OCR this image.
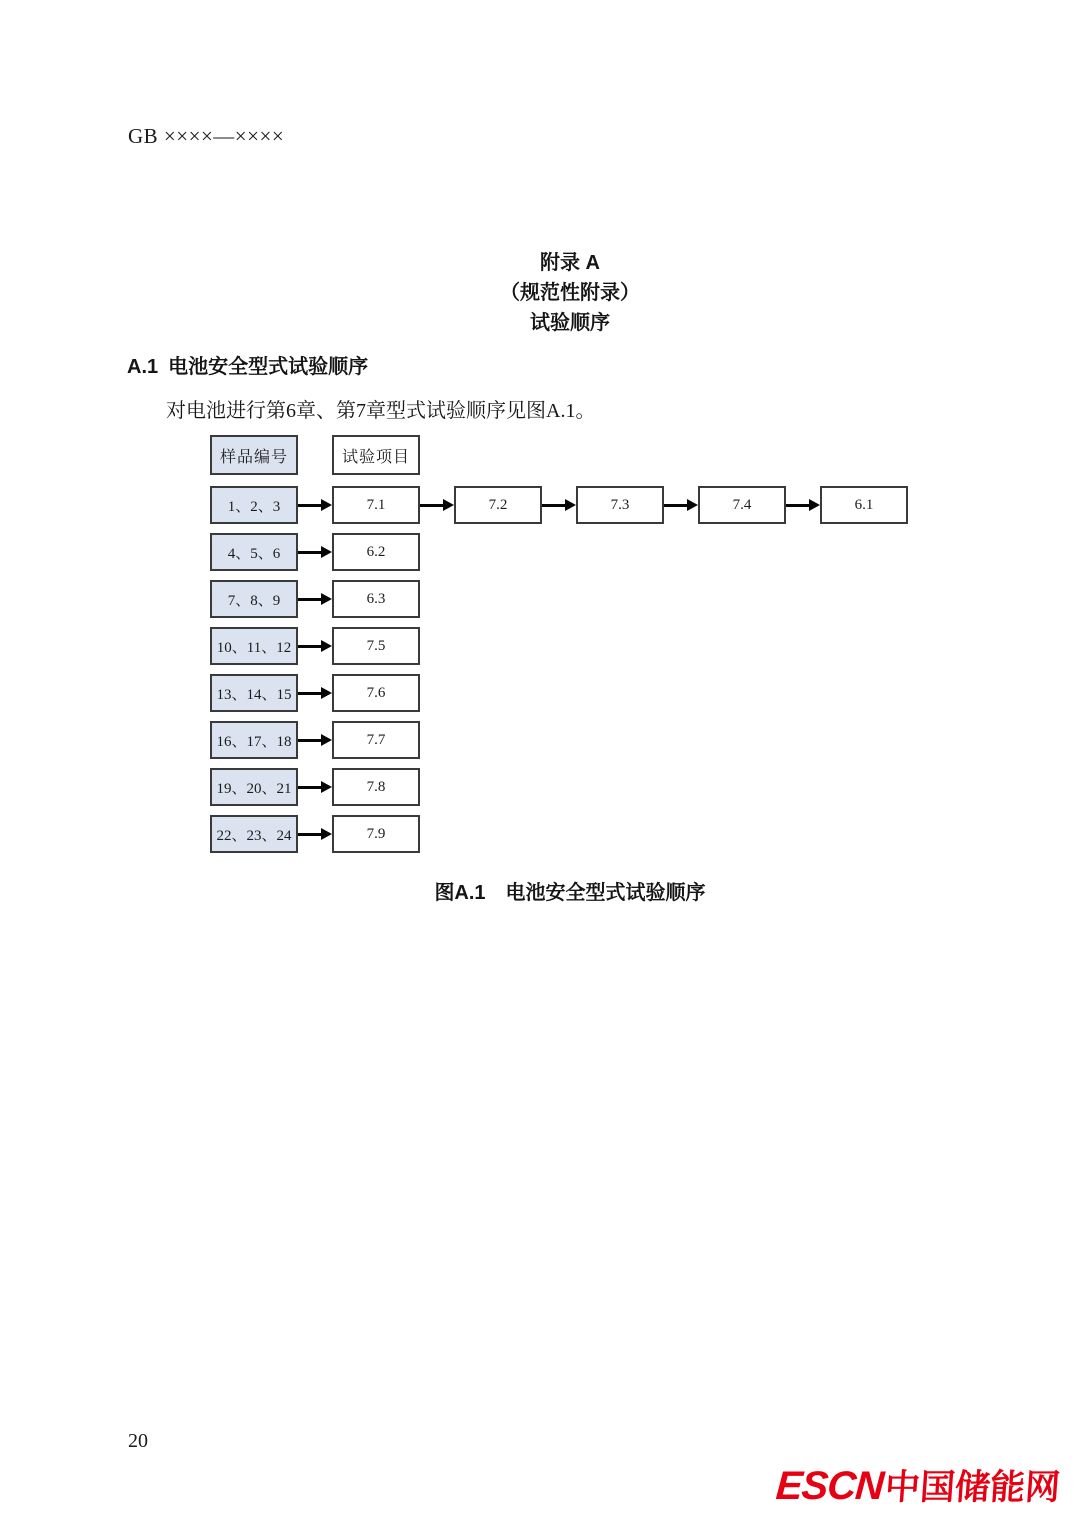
GB ××××—××××
附录 A
（规范性附录）
试验顺序
A.1 电池安全型式试验顺序

对电池进行第6章、第7章型式试验顺序见图A.1。

样品编号	试验项目
1、2、3	7.1	7.2	7.3	7.4	6.1
4、5、6	6.2
7、8、9	6.3
10、11、12	7.5
13、14、15	7.6
16、17、18	7.7
19、20、21	7.8
22、23、24	7.9
图A.1　电池安全型式试验顺序
20
ESCN
中国储能网
